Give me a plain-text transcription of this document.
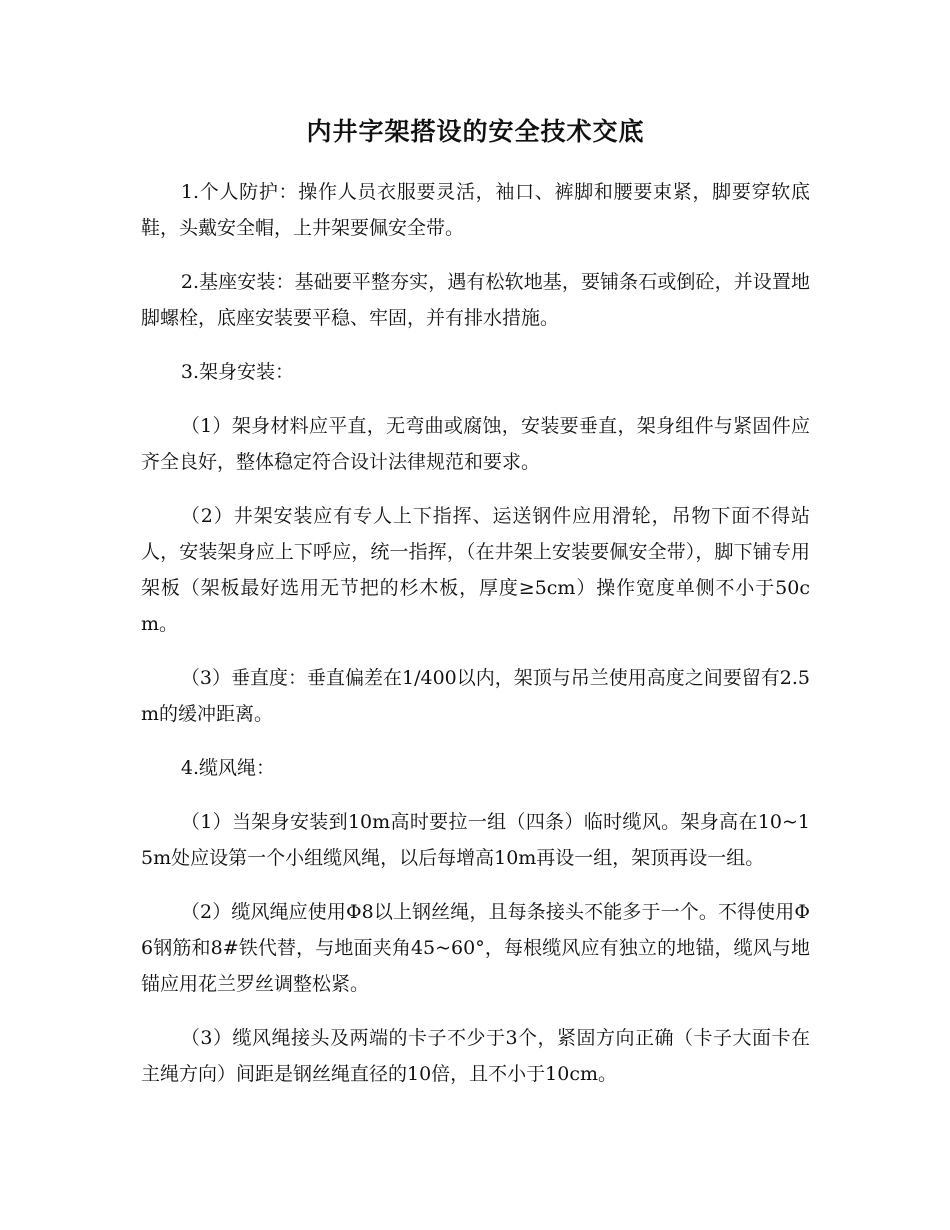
内井字架搭设的安全技术交底

1.个人防护：操作人员衣服要灵活，袖口、裤脚和腰要束紧，脚要穿软底鞋，头戴安全帽，上井架要佩安全带。

2.基座安装：基础要平整夯实，遇有松软地基，要铺条石或倒砼，并设置地脚螺栓，底座安装要平稳、牢固，并有排水措施。

3.架身安装：

（1）架身材料应平直，无弯曲或腐蚀，安装要垂直，架身组件与紧固件应齐全良好，整体稳定符合设计法律规范和要求。

（2）井架安装应有专人上下指挥、运送钢件应用滑轮，吊物下面不得站人，安装架身应上下呼应，统一指挥，（在井架上安装要佩安全带），脚下铺专用架板（架板最好选用无节把的杉木板，厚度≥5cm）操作宽度单侧不小于50cm。

（3）垂直度：垂直偏差在1/400以内，架顶与吊兰使用高度之间要留有2.5m的缓冲距离。

4.缆风绳：

（1）当架身安装到10m高时要拉一组（四条）临时缆风。架身高在10~15m处应设第一个小组缆风绳，以后每增高10m再设一组，架顶再设一组。

（2）缆风绳应使用Φ8以上钢丝绳，且每条接头不能多于一个。不得使用Φ6钢筋和8#铁代替，与地面夹角45~60°，每根缆风应有独立的地锚，缆风与地锚应用花兰罗丝调整松紧。

（3）缆风绳接头及两端的卡子不少于3个，紧固方向正确（卡子大面卡在主绳方向）间距是钢丝绳直径的10倍，且不小于10cm。
